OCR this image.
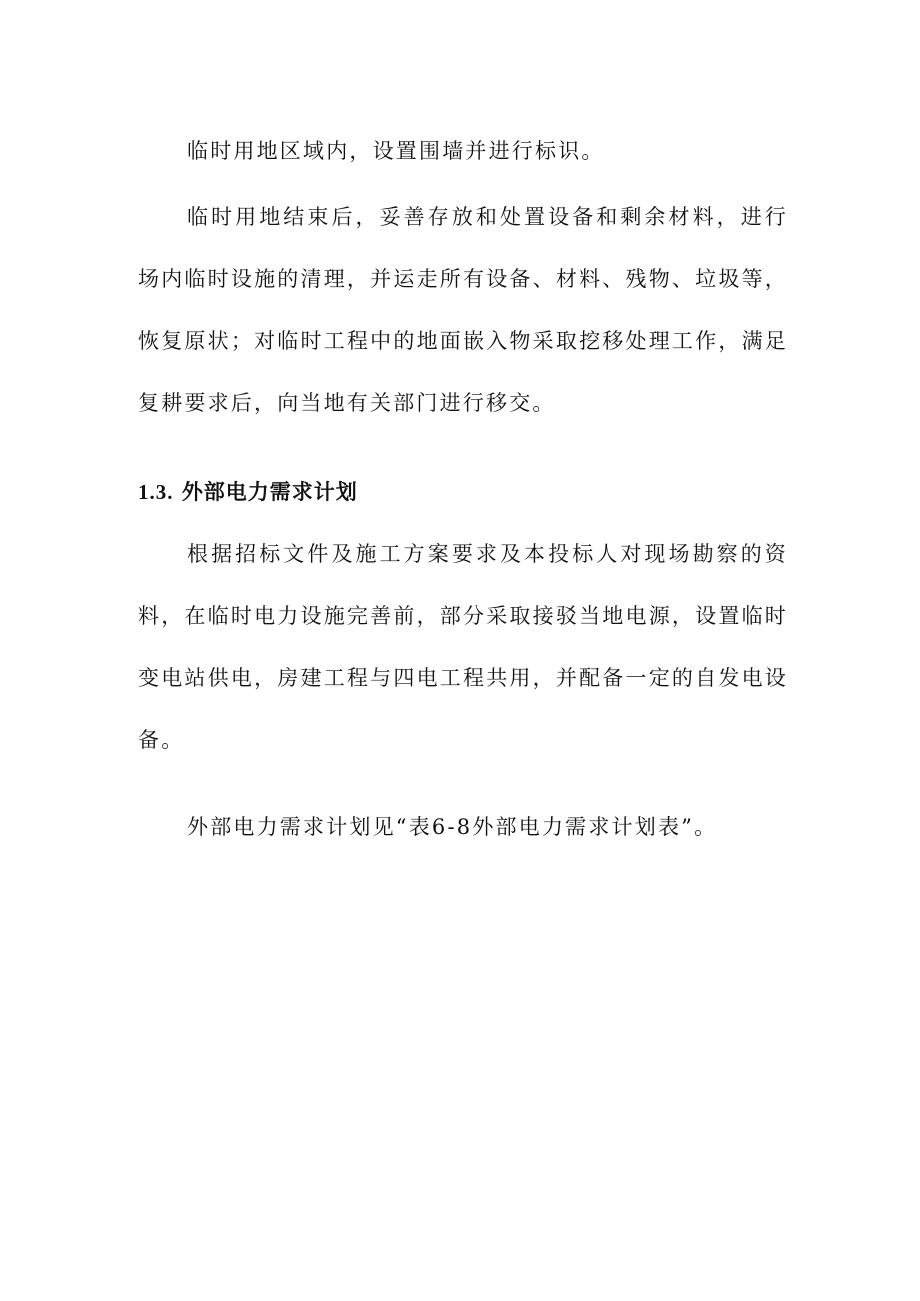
临时用地区域内，设置围墙并进行标识。

临时用地结束后，妥善存放和处置设备和剩余材料，进行场内临时设施的清理，并运走所有设备、材料、残物、垃圾等，恢复原状；对临时工程中的地面嵌入物采取挖移处理工作，满足复耕要求后，向当地有关部门进行移交。

1.3. 外部电力需求计划

根据招标文件及施工方案要求及本投标人对现场勘察的资料，在临时电力设施完善前，部分采取接驳当地电源，设置临时变电站供电，房建工程与四电工程共用，并配备一定的自发电设备。

外部电力需求计划见“表6-8外部电力需求计划表”。
